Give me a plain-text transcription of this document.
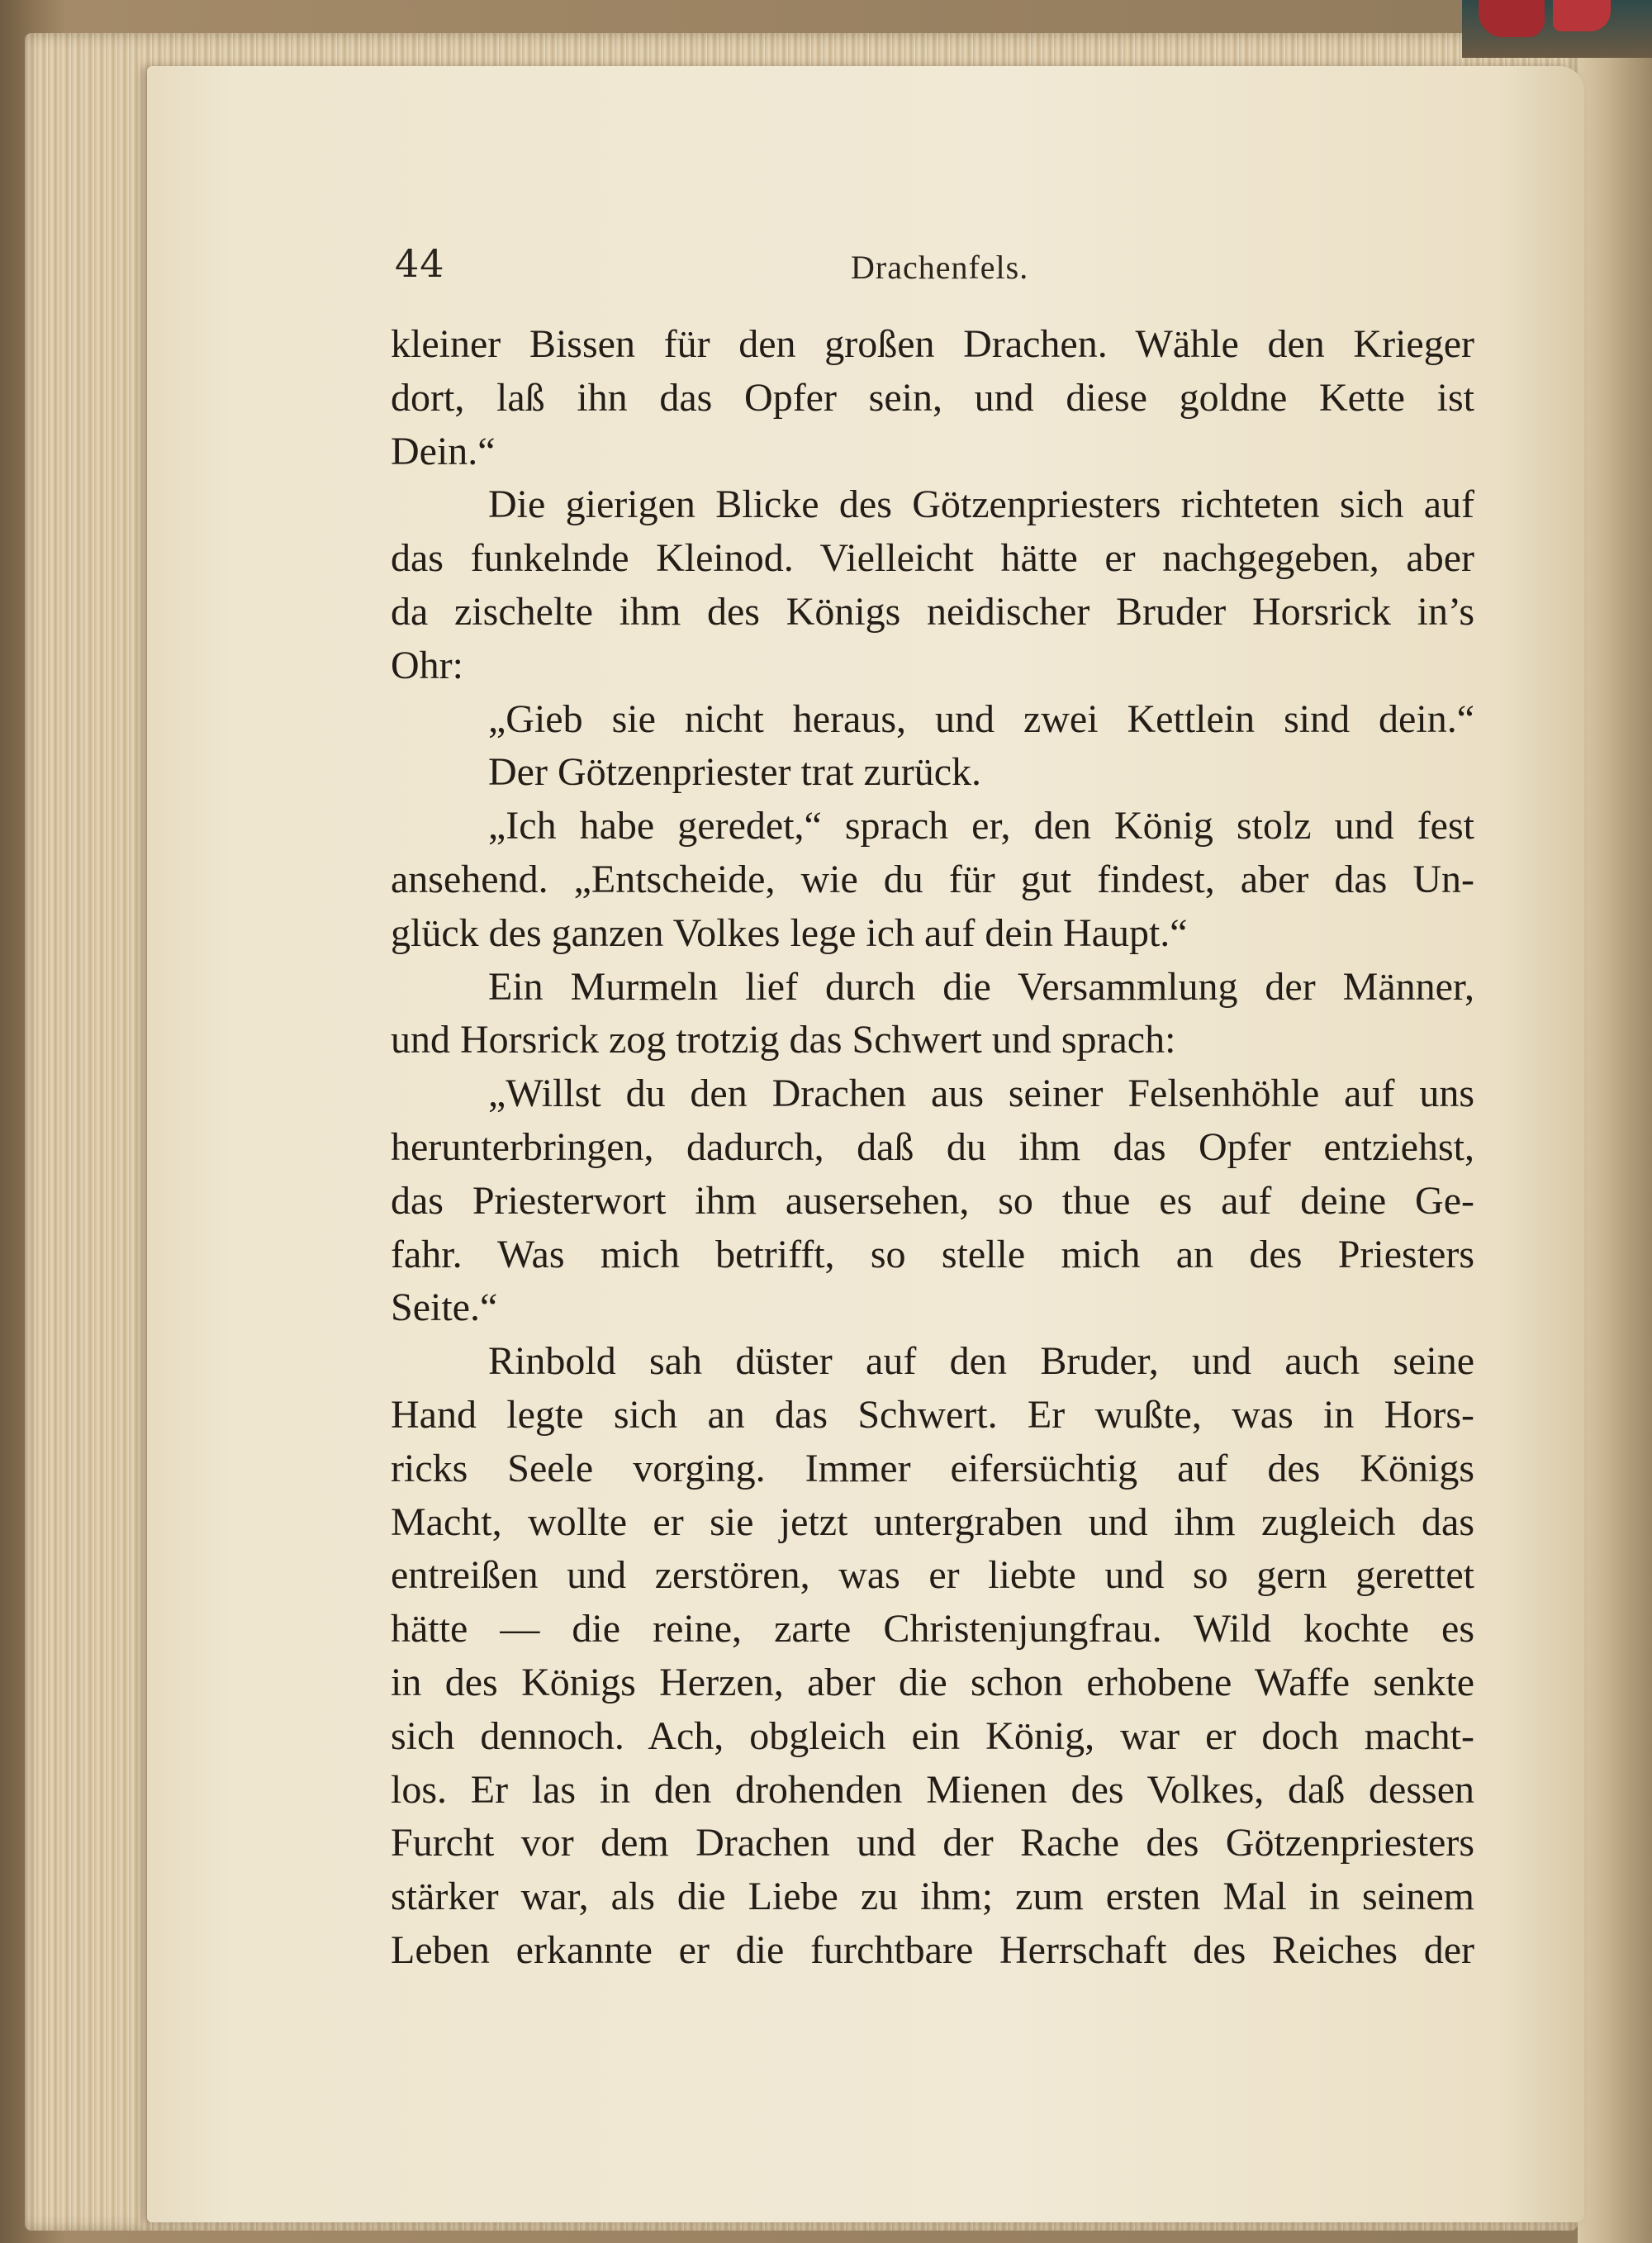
44	Drachenfels.
kleiner Bissen für den großen Drachen. Wähle den Krieger
dort, laß ihn das Opfer sein, und diese goldne Kette ist
Dein.“
Die gierigen Blicke des Götzenpriesters richteten sich auf
das funkelnde Kleinod. Vielleicht hätte er nachgegeben, aber
da zischelte ihm des Königs neidischer Bruder Horsrick in’s
Ohr:
„Gieb sie nicht heraus, und zwei Kettlein sind dein.“
Der Götzenpriester trat zurück.
„Ich habe geredet,“ sprach er, den König stolz und fest
ansehend. „Entscheide, wie du für gut findest, aber das Un-
glück des ganzen Volkes lege ich auf dein Haupt.“
Ein Murmeln lief durch die Versammlung der Männer,
und Horsrick zog trotzig das Schwert und sprach:
„Willst du den Drachen aus seiner Felsenhöhle auf uns
herunterbringen, dadurch, daß du ihm das Opfer entziehst,
das Priesterwort ihm ausersehen, so thue es auf deine Ge-
fahr. Was mich betrifft, so stelle mich an des Priesters
Seite.“
Rinbold sah düster auf den Bruder, und auch seine
Hand legte sich an das Schwert. Er wußte, was in Hors-
ricks Seele vorging. Immer eifersüchtig auf des Königs
Macht, wollte er sie jetzt untergraben und ihm zugleich das
entreißen und zerstören, was er liebte und so gern gerettet
hätte — die reine, zarte Christenjungfrau. Wild kochte es
in des Königs Herzen, aber die schon erhobene Waffe senkte
sich dennoch. Ach, obgleich ein König, war er doch macht-
los. Er las in den drohenden Mienen des Volkes, daß dessen
Furcht vor dem Drachen und der Rache des Götzenpriesters
stärker war, als die Liebe zu ihm; zum ersten Mal in seinem
Leben erkannte er die furchtbare Herrschaft des Reiches der
